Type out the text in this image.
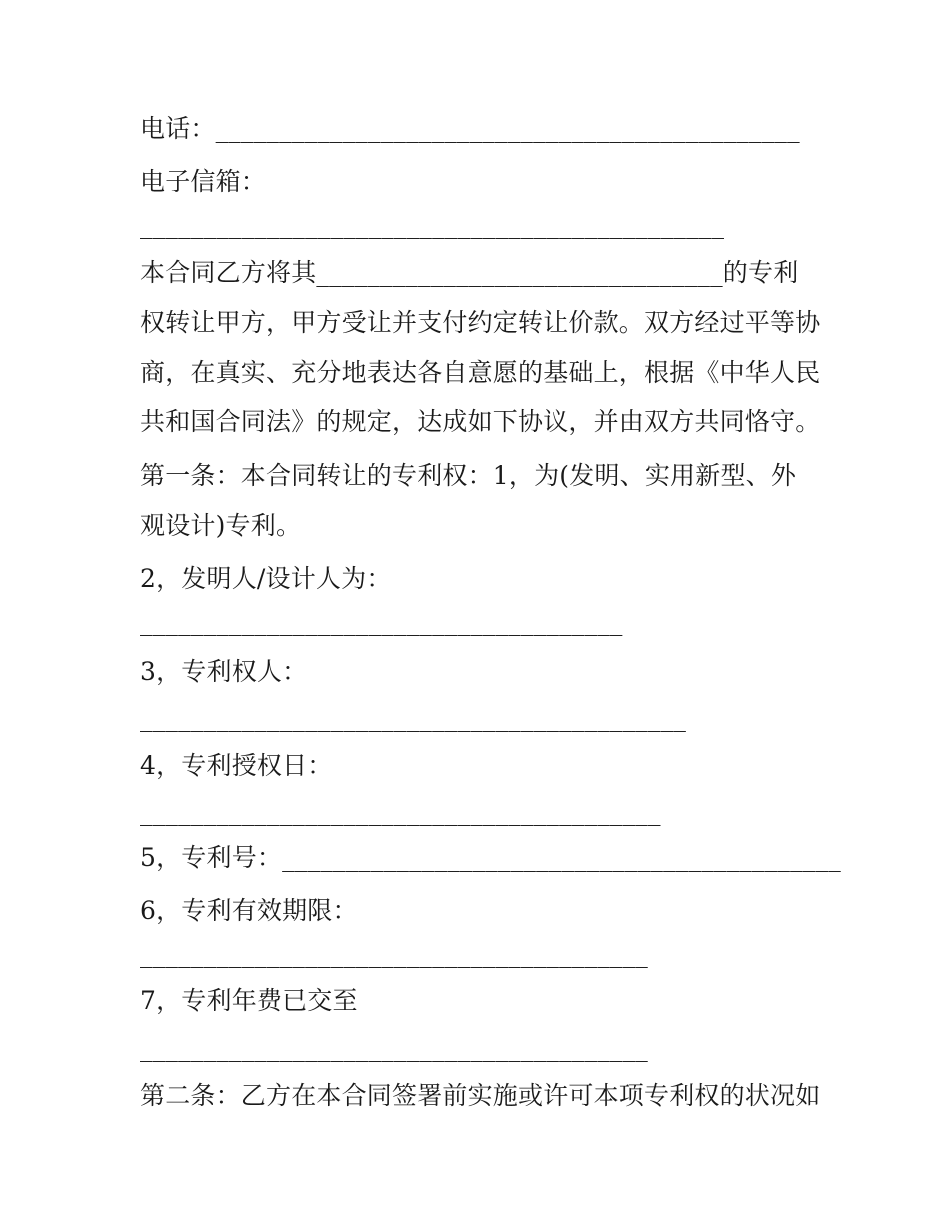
电话：______________________________________________
电子信箱：
______________________________________________
本合同乙方将其________________________________的专利
权转让甲方，甲方受让并支付约定转让价款。双方经过平等协
商，在真实、充分地表达各自意愿的基础上，根据《中华人民
共和国合同法》的规定，达成如下协议，并由双方共同恪守。
第一条：本合同转让的专利权：1，为(发明、实用新型、外
观设计)专利。
2，发明人/设计人为：
______________________________________
3，专利权人：
___________________________________________
4，专利授权日：
_________________________________________
5，专利号：____________________________________________
6，专利有效期限：
________________________________________
7，专利年费已交至
________________________________________
第二条：乙方在本合同签署前实施或许可本项专利权的状况如
